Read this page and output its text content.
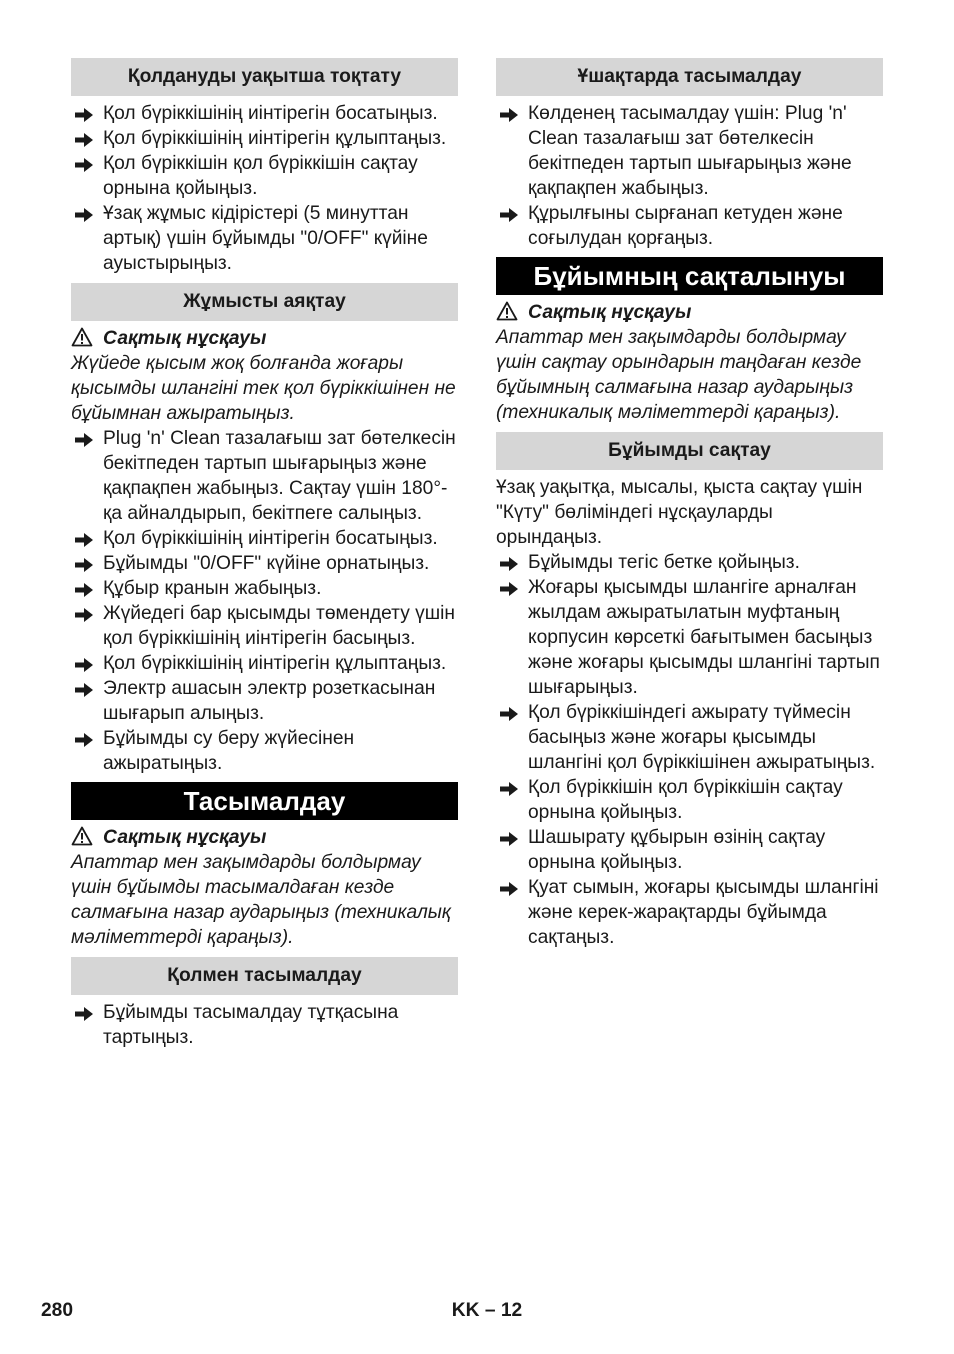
Қолдануды уақытша тоқтату
Қол бүріккішінің иінтірегін босатыңыз.
Қол бүріккішінің иінтірегін құлыптаңыз.
Қол бүріккішін қол бүріккішін сақтау орнына қойыңыз.
Ұзақ жұмыс кідірістері (5 минуттан артық) үшін бұйымды "0/OFF" күйіне ауыстырыңыз.
Жұмысты аяқтау
Сақтық нұсқауы

Жүйеде қысым жоқ болғанда жоғары қысымды шлангіні тек қол бүріккішінен не бұйымнан ажыратыңыз.

Plug 'n' Clean тазалағыш зат бөтелкесін бекітпеден тартып шығарыңыз және қақпақпен жабыңыз. Сақтау үшін 180°-қа айналдырып, бекітпеге салыңыз.
Қол бүріккішінің иінтірегін босатыңыз.
Бұйымды "0/OFF" күйіне орнатыңыз.
Құбыр кранын жабыңыз.
Жүйедегі бар қысымды төмендету үшін қол бүріккішінің иінтірегін басыңыз.
Қол бүріккішінің иінтірегін құлыптаңыз.
Электр ашасын электр розеткасынан шығарып алыңыз.
Бұйымды су беру жүйесінен ажыратыңыз.
Тасымалдау
Сақтық нұсқауы

Апаттар мен зақымдарды болдырмау үшін бұйымды тасымалдаған кезде салмағына назар аударыңыз (техникалық мәліметтерді қараңыз).

Қолмен тасымалдау
Бұйымды тасымалдау тұтқасына тартыңыз.
Ұшақтарда тасымалдау
Көлденең тасымалдау үшін: Plug 'n' Clean тазалағыш зат бөтелкесін бекітпеден тартып шығарыңыз және қақпақпен жабыңыз.
Құрылғыны сырғанап кетуден және соғылудан қорғаңыз.
Бұйымның сақталынуы
Сақтық нұсқауы

Апаттар мен зақымдарды болдырмау үшін сақтау орындарын таңдаған кезде бұйымның салмағына назар аударыңыз (техникалық мәліметтерді қараңыз).

Бұйымды сақтау

Ұзақ уақытқа, мысалы, қыста сақтау үшін "Күту" бөліміндегі нұсқауларды орындаңыз.

Бұйымды тегіс бетке қойыңыз.
Жоғары қысымды шлангіге арналған жылдам ажыратылатын муфтаның корпусин көрсеткі бағытымен басыңыз және жоғары қысымды шлангіні тартып шығарыңыз.
Қол бүріккішіндегі ажырату түймесін басыңыз және жоғары қысымды шлангіні қол бүріккішінен ажыратыңыз.
Қол бүріккішін қол бүріккішін сақтау орнына қойыңыз.
Шашырату құбырын өзінің сақтау орнына қойыңыз.
Қуат сымын, жоғары қысымды шлангіні және керек-жарақтарды бұйымда сақтаңыз.
280	KK – 12
